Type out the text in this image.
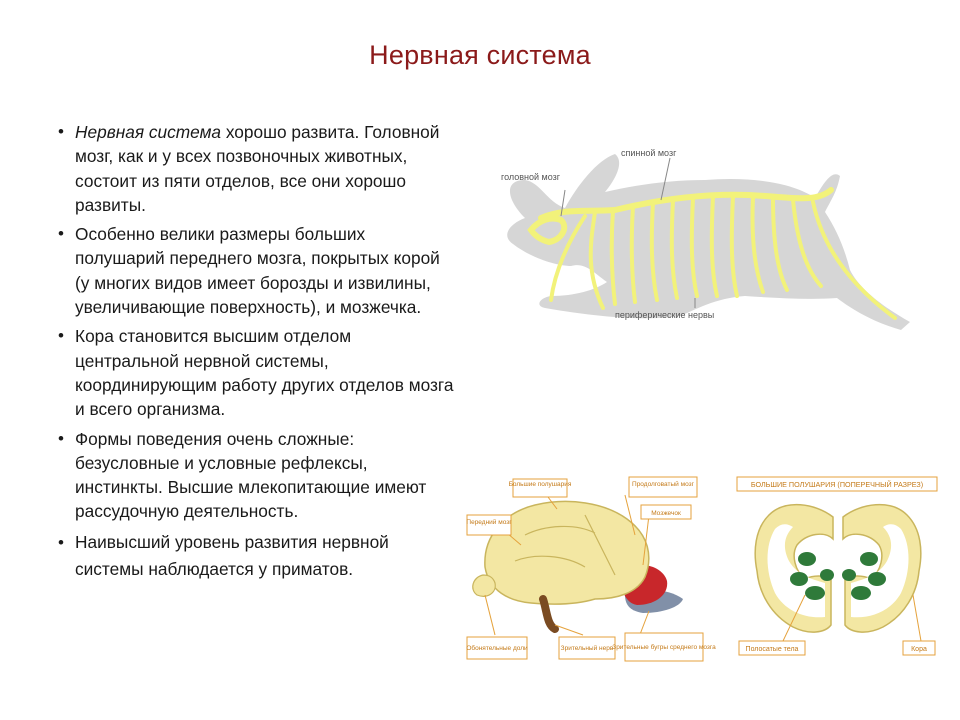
Нервная система
• Нервная система хорошо развита. Головной мозг, как и у всех позвоночных животных, состоит из пяти отделов, все они хорошо развиты.
• Особенно велики размеры больших полушарий переднего мозга, покрытых корой (у многих видов имеет борозды и извилины, увеличивающие поверхность), и мозжечка.
• Кора становится высшим отделом центральной нервной системы, координирующим работу других отделов мозга и всего организма.
• Формы поведения очень сложные: безусловные и условные рефлексы, инстинкты. Высшие млекопитающие имеют рассудочную деятельность.
• Наивысший уровень развития нервной системы наблюдается у приматов.
головной мозг
спинной мозг
периферические нервы
Большие полушария
Передний мозг
Продолговатый мозг
Мозжечок
Обонятельные доли	Зрительный нерв
Зрительные бугры среднего мозга
БОЛЬШИЕ ПОЛУШАРИЯ (ПОПЕРЕЧНЫЙ РАЗРЕЗ)
Полосатые тела	Кора
